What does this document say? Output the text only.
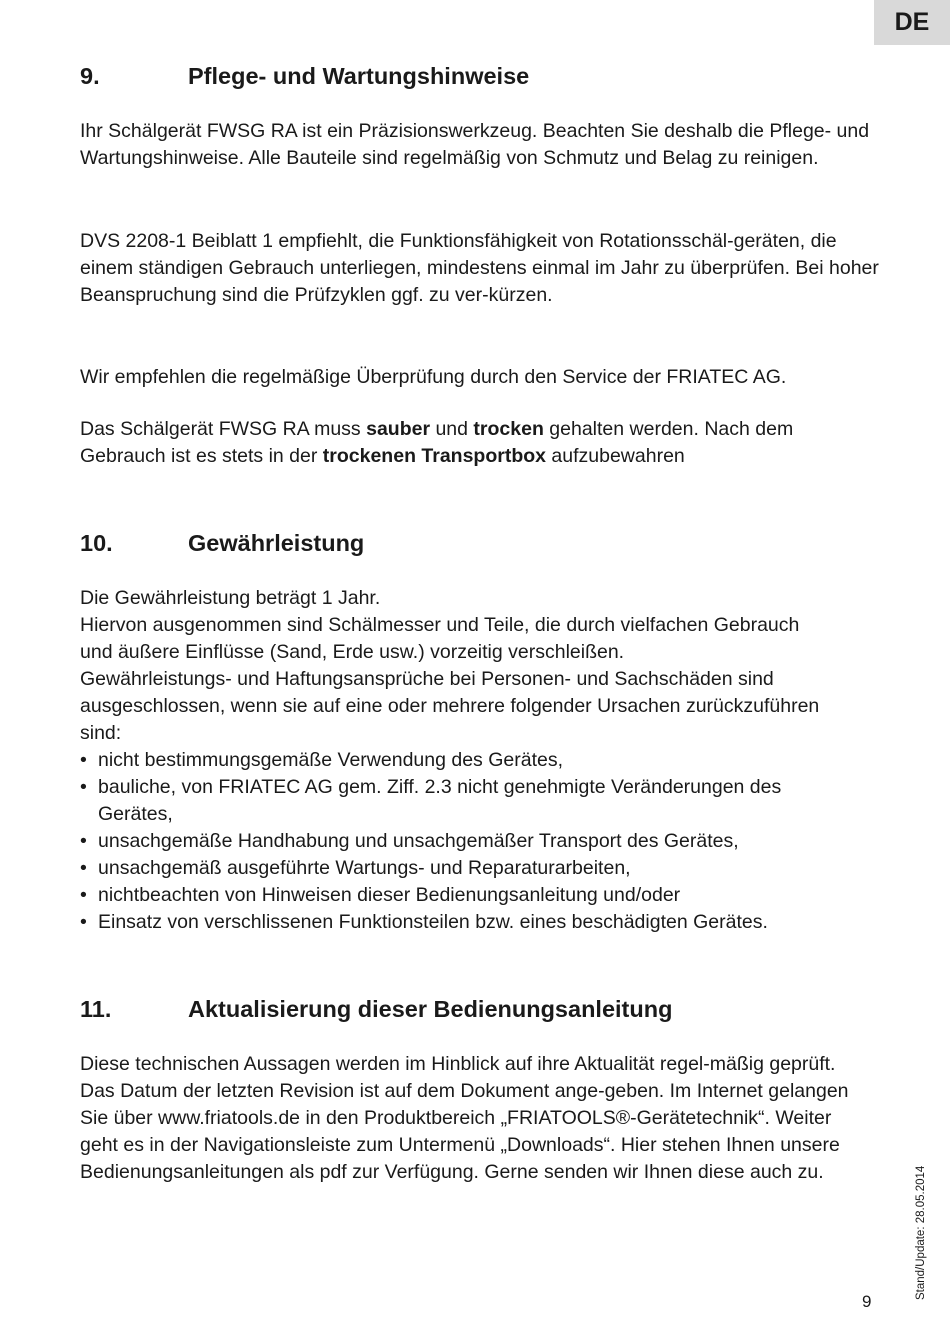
DE
9.	Pflege- und Wartungshinweise

Ihr Schälgerät FWSG RA ist ein Präzisionswerkzeug. Beachten Sie deshalb die Pflege- und Wartungshinweise. Alle Bauteile sind regelmäßig von Schmutz und Belag zu reinigen.

DVS 2208-1 Beiblatt 1 empfiehlt, die Funktionsfähigkeit von Rotationsschäl-geräten, die einem ständigen Gebrauch unterliegen, mindestens einmal im Jahr zu überprüfen. Bei hoher Beanspruchung sind die Prüfzyklen ggf. zu ver-kürzen.

Wir empfehlen die regelmäßige Überprüfung durch den Service der FRIATEC AG.

Das Schälgerät FWSG RA muss sauber und trocken gehalten werden. Nach dem Gebrauch ist es stets in der trockenen Transportbox aufzubewahren

10.	Gewährleistung

Die Gewährleistung beträgt 1 Jahr.

Hiervon ausgenommen sind Schälmesser und Teile, die durch vielfachen Gebrauch und äußere Einflüsse (Sand, Erde usw.) vorzeitig verschleißen.

Gewährleistungs- und Haftungsansprüche bei Personen- und Sachschäden sind ausgeschlossen, wenn sie auf eine oder mehrere folgender Ursachen zurückzuführen sind:

• nicht bestimmungsgemäße Verwendung des Gerätes,
• bauliche, von FRIATEC AG gem. Ziff. 2.3 nicht genehmigte Veränderungen des Gerätes,
• unsachgemäße Handhabung und unsachgemäßer Transport des Gerätes,
• unsachgemäß ausgeführte Wartungs- und Reparaturarbeiten,
• nichtbeachten von Hinweisen dieser Bedienungsanleitung und/oder
• Einsatz von verschlissenen Funktionsteilen bzw. eines beschädigten Gerätes.
11.	Aktualisierung dieser Bedienungsanleitung

Diese technischen Aussagen werden im Hinblick auf ihre Aktualität regel-mäßig geprüft. Das Datum der letzten Revision ist auf dem Dokument ange-geben. Im Internet gelangen Sie über www.friatools.de in den Produktbereich „FRIATOOLS®-Gerätetechnik“. Weiter geht es in der Navigationsleiste zum Untermenü „Downloads“. Hier stehen Ihnen unsere Bedienungsanleitungen als pdf zur Verfügung. Gerne senden wir Ihnen diese auch zu.	Stand/Update: 28.05.2014
9
